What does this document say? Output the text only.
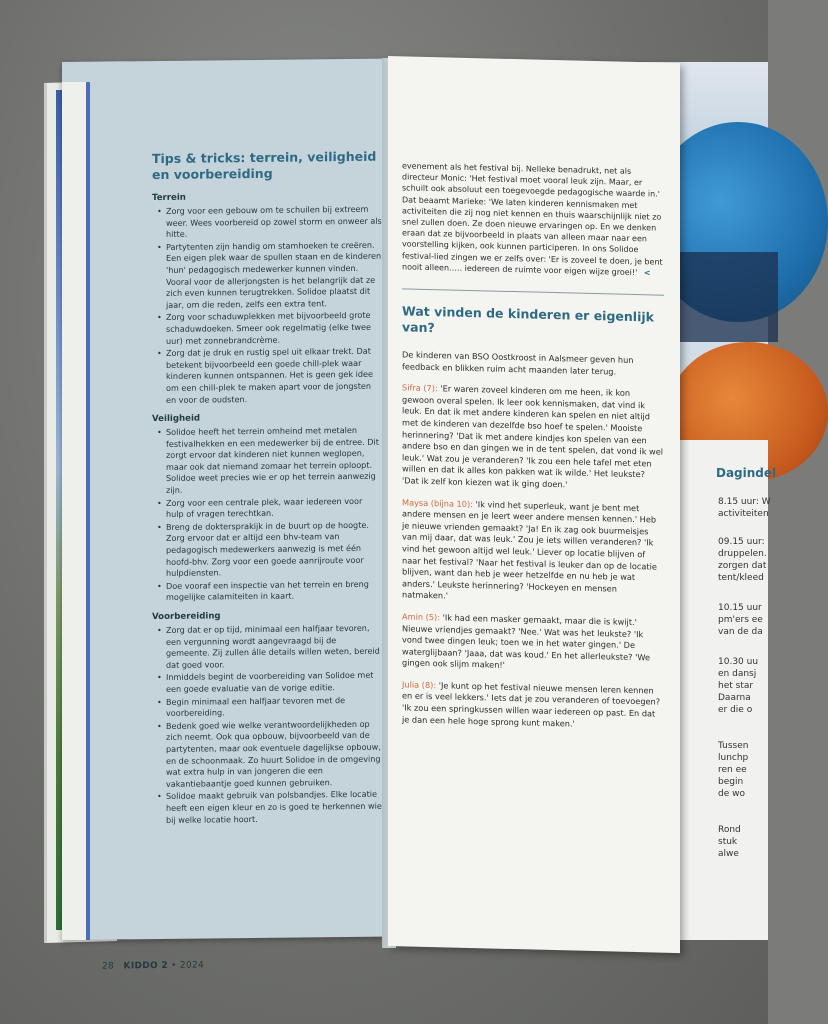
Dagindel

8.15 uur: W

activiteiten

09.15 uur:

druppelen.

zorgen dat

tent/kleed

10.15 uur

pm'ers ee

van de da

10.30 uu

en dansj

het star

Daarna

er die o

Tussen

lunchp

ren ee

begin

de wo

Rond

stuk

alwe

Tips & tricks: terrein, veiligheid en voorbereiding
Terrein
• Zorg voor een gebouw om te schuilen bij extreem weer. Wees voorbereid op zowel storm en onweer als hitte.
• Partytenten zijn handig om stamhoeken te creëren. Een eigen plek waar de spullen staan en de kinderen 'hun' pedagogisch medewerker kunnen vinden. Vooral voor de allerjongsten is het belangrijk dat ze zich even kunnen terugtrekken. Solidoe plaatst dit jaar, om die reden, zelfs een extra tent.
• Zorg voor schaduwplekken met bijvoorbeeld grote schaduwdoeken. Smeer ook regelmatig (elke twee uur) met zonnebrandcrème.
• Zorg dat je druk en rustig spel uit elkaar trekt. Dat betekent bijvoorbeeld een goede chill-plek waar kinderen kunnen ontspannen. Het is geen gek idee om een chill-plek te maken apart voor de jongsten en voor de oudsten.
Veiligheid
• Solidoe heeft het terrein omheind met metalen festivalhekken en een medewerker bij de entree. Dit zorgt ervoor dat kinderen niet kunnen weglopen, maar ook dat niemand zomaar het terrein oploopt. Solidoe weet precies wie er op het terrein aanwezig zijn.
• Zorg voor een centrale plek, waar iedereen voor hulp of vragen terechtkan.
• Breng de doktersprakijk in de buurt op de hoogte. Zorg ervoor dat er altijd een bhv-team van pedagogisch medewerkers aanwezig is met één hoofd-bhv. Zorg voor een goede aanrijroute voor hulpdiensten.
• Doe vooraf een inspectie van het terrein en breng mogelijke calamiteiten in kaart.
Voorbereiding
• Zorg dat er op tijd, minimaal een halfjaar tevoren, een vergunning wordt aangevraagd bij de gemeente. Zij zullen álle details willen weten, bereid dat goed voor.
• Inmiddels begint de voorbereiding van Solidoe met een goede evaluatie van de vorige editie.
• Begin minimaal een halfjaar tevoren met de voorbereiding.
• Bedenk goed wie welke verantwoordelijkheden op zich neemt. Ook qua opbouw, bijvoorbeeld van de partytenten, maar ook eventuele dagelijkse opbouw, en de schoonmaak. Zo huurt Solidoe in de omgeving wat extra hulp in van jongeren die een vakantiebaantje goed kunnen gebruiken.
• Solidoe maakt gebruik van polsbandjes. Elke locatie heeft een eigen kleur en zo is goed te herkennen wie bij welke locatie hoort.
28 KIDDO 2 • 2024
evenement als het festival bij. Nelleke benadrukt, net als directeur Monic: 'Het festival moet vooral leuk zijn. Maar, er schuilt ook absoluut een toegevoegde pedagogische waarde in.' Dat beaamt Marieke: 'We laten kinderen kennismaken met activiteiten die zij nog niet kennen en thuis waarschijnlijk niet zo snel zullen doen. Ze doen nieuwe ervaringen op. En we denken eraan dat ze bijvoorbeeld in plaats van alleen maar naar een voorstelling kijken, ook kunnen participeren. In ons Solidoe festival-lied zingen we er zelfs over: 'Er is zoveel te doen, je bent nooit alleen….. iedereen de ruimte voor eigen wijze groei!' <
Wat vinden de kinderen er eigenlijk van?
De kinderen van BSO Oostkroost in Aalsmeer geven hun feedback en blikken ruim acht maanden later terug.
Sifra (7): 'Er waren zoveel kinderen om me heen, ik kon gewoon overal spelen. Ik leer ook kennismaken, dat vind ik leuk. En dat ik met andere kinderen kan spelen en niet altijd met de kinderen van dezelfde bso hoef te spelen.' Mooiste herinnering? 'Dat ik met andere kindjes kon spelen van een andere bso en dan gingen we in de tent spelen, dat vond ik wel leuk.' Wat zou je veranderen? 'Ik zou een hele tafel met eten willen en dat ik alles kon pakken wat ik wilde.' Het leukste? 'Dat ik zelf kon kiezen wat ik ging doen.'
Maysa (bijna 10): 'Ik vind het superleuk, want je bent met andere mensen en je leert weer andere mensen kennen.' Heb je nieuwe vrienden gemaakt? 'Ja! En ik zag ook buurmeisjes van mij daar, dat was leuk.' Zou je iets willen veranderen? 'Ik vind het gewoon altijd wel leuk.' Liever op locatie blijven of naar het festival? 'Naar het festival is leuker dan op de locatie blijven, want dan heb je weer hetzelfde en nu heb je wat anders.' Leukste herinnering? 'Hockeyen en mensen natmaken.'
Amin (5): 'Ik had een masker gemaakt, maar die is kwijt.' Nieuwe vriendjes gemaakt? 'Nee.' Wat was het leukste? 'Ik vond twee dingen leuk; toen we in het water gingen.' De waterglijbaan? 'Jaaa, dat was koud.' En het allerleukste? 'We gingen ook slijm maken!'
Julia (8): 'Je kunt op het festival nieuwe mensen leren kennen en er is veel lekkers.' Iets dat je zou veranderen of toevoegen? 'Ik zou een springkussen willen waar iedereen op past. En dat je dan een hele hoge sprong kunt maken.'
